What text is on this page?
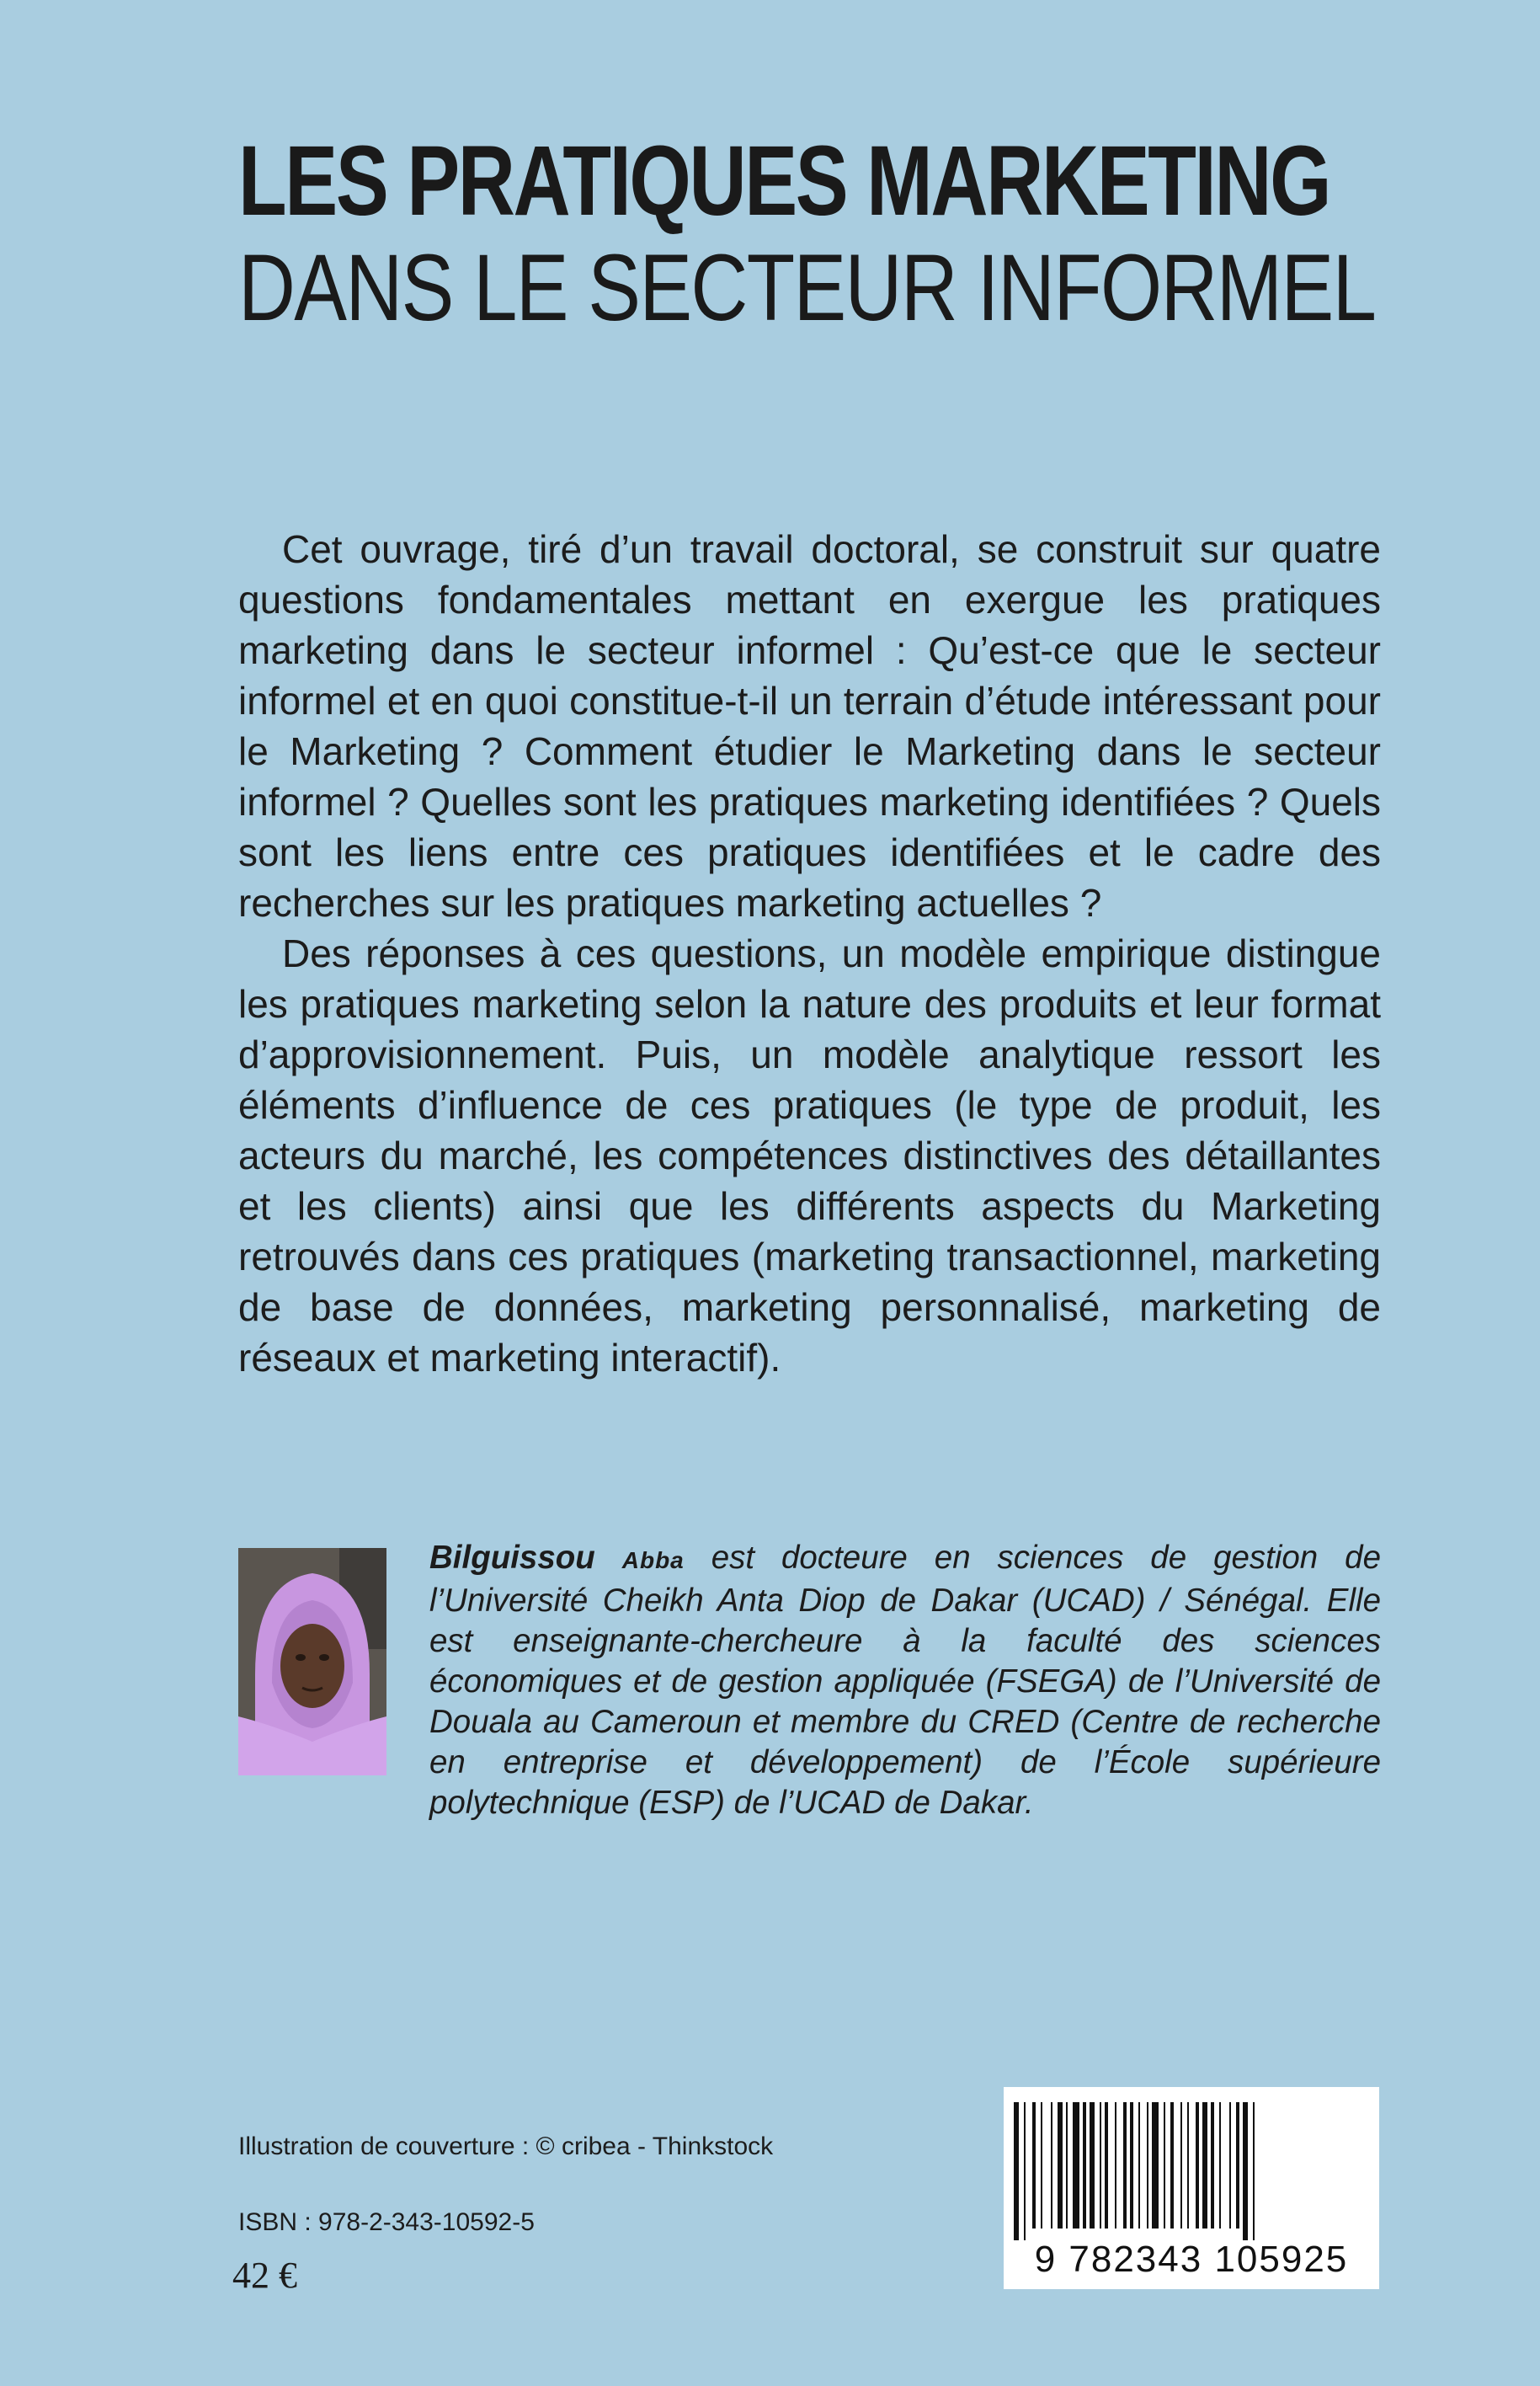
LES PRATIQUES MARKETING
DANS LE SECTEUR INFORMEL

Cet ouvrage, tiré d’un travail doctoral, se construit sur quatre questions fondamentales mettant en exergue les pratiques marketing dans le secteur informel : Qu’est-ce que le secteur informel et en quoi constitue-t-il un terrain d’étude intéressant pour le Marketing ? Comment étudier le Marketing dans le secteur informel ? Quelles sont les pratiques marketing identifiées ? Quels sont les liens entre ces pratiques identifiées et le cadre des recherches sur les pratiques marketing actuelles ?

Des réponses à ces questions, un modèle empirique distingue les pratiques marketing selon la nature des produits et leur format d’approvisionnement. Puis, un modèle analytique ressort les éléments d’influence de ces pratiques (le type de produit, les acteurs du marché, les compétences distinctives des détaillantes et les clients) ainsi que les différents aspects du Marketing retrouvés dans ces pratiques (marketing transactionnel, marketing de base de données, marketing personnalisé, marketing de réseaux et marketing interactif).

Bilguissou Abba est docteure en sciences de gestion de l’Université Cheikh Anta Diop de Dakar (UCAD) / Sénégal. Elle est enseignante-chercheure à la faculté des sciences économiques et de gestion appliquée (FSEGA) de l’Université de Douala au Cameroun et membre du CRED (Centre de recherche en entreprise et développement) de l’École supérieure polytechnique (ESP) de l’UCAD de Dakar.
Illustration de couverture : © cribea - Thinkstock
ISBN : 978-2-343-10592-5
42 €	9 782343 105925
